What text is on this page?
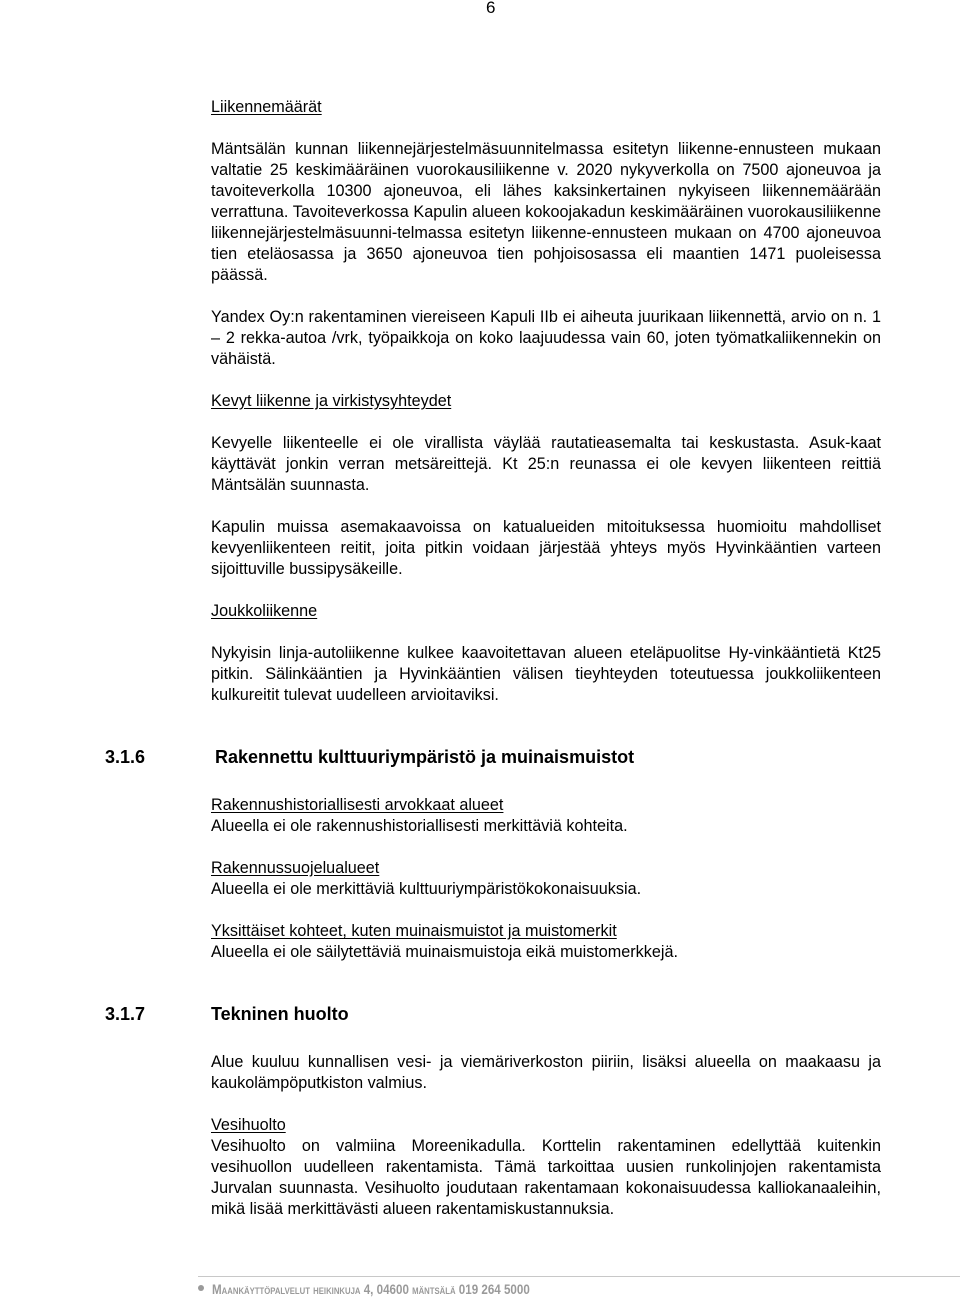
6
Liikennemäärät
Mäntsälän kunnan liikennejärjestelmäsuunnitelmassa esitetyn liikenne-ennusteen mukaan valtatie 25 keskimääräinen vuorokausiliikenne v. 2020 nykyverkolla on 7500 ajoneuvoa ja tavoiteverkolla 10300 ajoneuvoa, eli lähes kaksinkertainen nykyiseen liikennemäärään verrattuna. Tavoiteverkossa Kapulin alueen kokoojakadun keskimääräinen vuorokausiliikenne liikennejärjestelmäsuunni-telmassa esitetyn liikenne-ennusteen mukaan on 4700 ajoneuvoa tien eteläosassa ja 3650 ajoneuvoa tien pohjoisosassa eli maantien 1471 puoleisessa päässä.
Yandex Oy:n rakentaminen viereiseen Kapuli IIb ei aiheuta juurikaan liikennettä, arvio on n. 1 – 2 rekka-autoa /vrk, työpaikkoja on koko laajuudessa vain 60, joten työmatkaliikennekin on vähäistä.
Kevyt liikenne ja virkistysyhteydet
Kevyelle liikenteelle ei ole virallista väylää rautatieasemalta tai keskustasta. Asuk-kaat käyttävät jonkin verran metsäreittejä. Kt 25:n reunassa ei ole kevyen liikenteen reittiä Mäntsälän suunnasta.
Kapulin muissa asemakaavoissa on katualueiden mitoituksessa huomioitu mahdolliset kevyenliikenteen reitit, joita pitkin voidaan järjestää yhteys myös Hyvinkääntien varteen sijoittuville bussipysäkeille.
Joukkoliikenne
Nykyisin linja-autoliikenne kulkee kaavoitettavan alueen eteläpuolitse Hy-vinkääntietä Kt25 pitkin. Sälinkääntien ja Hyvinkääntien välisen tieyhteyden toteutuessa joukkoliikenteen kulkureitit tulevat uudelleen arvioitaviksi.
3.1.6	Rakennettu kulttuuriympäristö ja muinaismuistot
Rakennushistoriallisesti arvokkaat alueet
Alueella ei ole rakennushistoriallisesti merkittäviä kohteita.
Rakennussuojelualueet
Alueella ei ole merkittäviä kulttuuriympäristökokonaisuuksia.
Yksittäiset kohteet, kuten muinaismuistot ja muistomerkit
Alueella ei ole säilytettäviä muinaismuistoja eikä muistomerkkejä.
3.1.7	Tekninen huolto
Alue kuuluu kunnallisen vesi- ja viemäriverkoston piiriin, lisäksi alueella on maakaasu ja kaukolämpöputkiston valmius.
Vesihuolto
Vesihuolto on valmiina Moreenikadulla. Korttelin rakentaminen edellyttää kuitenkin vesihuollon uudelleen rakentamista. Tämä tarkoittaa uusien runkolinjojen rakentamista Jurvalan suunnasta. Vesihuolto joudutaan rakentamaan kokonaisuudessa kalliokanaaleihin, mikä lisää merkittävästi alueen rakentamiskustannuksia.
Maankäyttöpalvelut heikinkuja 4, 04600 mäntsälä 019 264 5000
